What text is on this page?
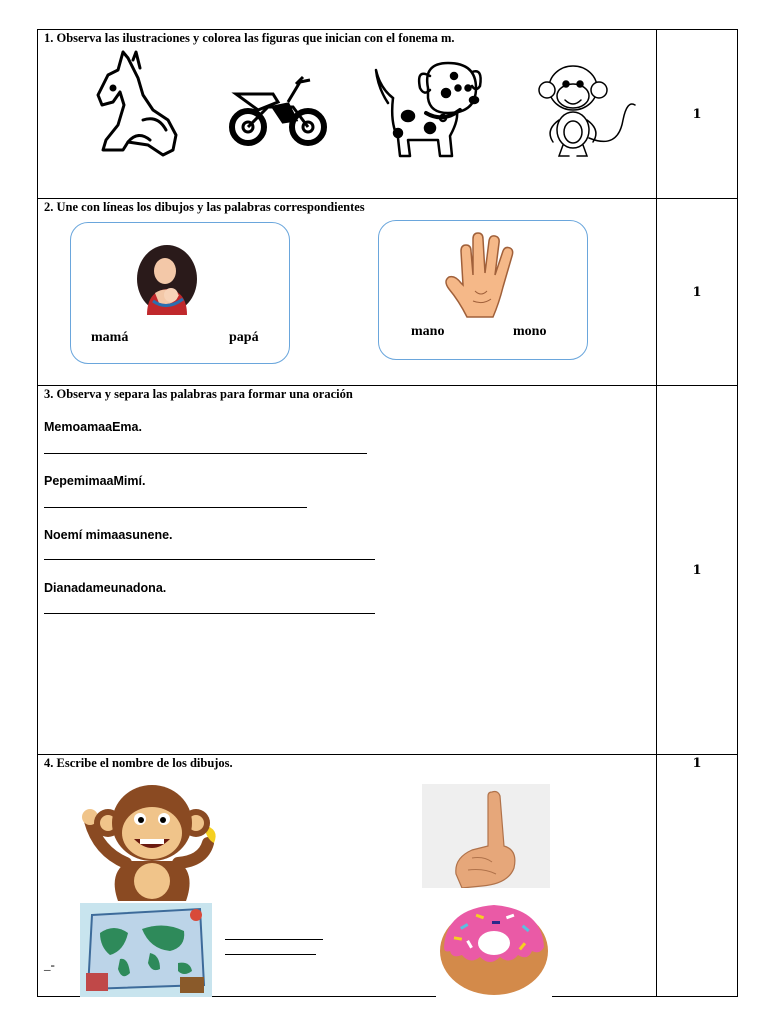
1. Observa las ilustraciones y colorea las figuras que inician con el fonema m.
1
2. Une con líneas los dibujos y las palabras correspondientes
mamá	papá	mano	mono
1
3. Observa y separa las palabras para formar una oración
MemoamaaEma.
PepemimaaMimí.
Noemí mimaasunene.
Dianadameunadona.
1
4. Escribe el nombre de los dibujos.
_-
1
